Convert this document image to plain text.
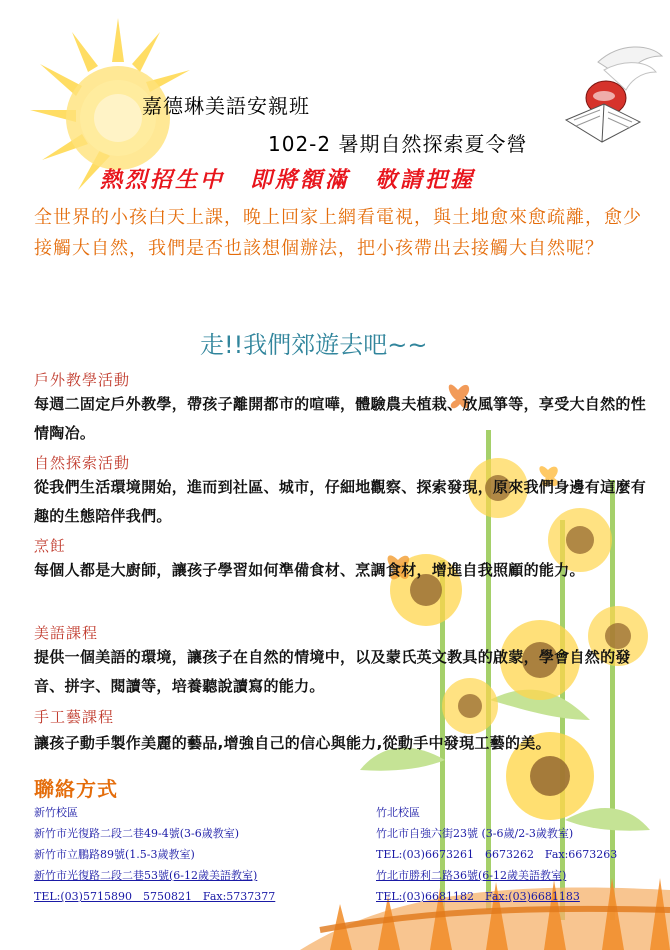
嘉德琳美語安親班
102-2 暑期自然探索夏令營
熱烈招生中　即將額滿　敬請把握
全世界的小孩白天上課，晚上回家上網看電視，與土地愈來愈疏離，愈少接觸大自然，我們是否也該想個辦法，把小孩帶出去接觸大自然呢？
走!!我們郊遊去吧~~
戶外教學活動
每週二固定戶外教學，帶孩子離開都市的喧嘩，體驗農夫植栽、放風箏等，享受大自然的性情陶冶。
自然探索活動
從我們生活環境開始，進而到社區、城市，仔細地觀察、探索發現，原來我們身邊有這麼有趣的生態陪伴我們。
烹飪
每個人都是大廚師，讓孩子學習如何準備食材、烹調食材，增進自我照顧的能力。
美語課程
提供一個美語的環境，讓孩子在自然的情境中，以及蒙氏英文教具的啟蒙，學會自然的發音、拼字、閱讀等，培養聽說讀寫的能力。
手工藝課程
讓孩子動手製作美麗的藝品,增強自己的信心與能力,從動手中發現工藝的美。
聯絡方式
新竹校區
新竹市光復路二段二巷49-4號(3-6歲教室)
新竹市立鵬路89號(1.5-3歲教室)
新竹市光復路二段二巷53號(6-12歲美語教室)
TEL:(03)5715890　5750821　Fax:5737377
竹北校區
竹北市自強六街23號 (3-6歲/2-3歲教室)
TEL:(03)6673261　6673262　Fax:6673263
竹北市勝利二路36號(6-12歲美語教室)
TEL:(03)6681182　Fax:(03)6681183
